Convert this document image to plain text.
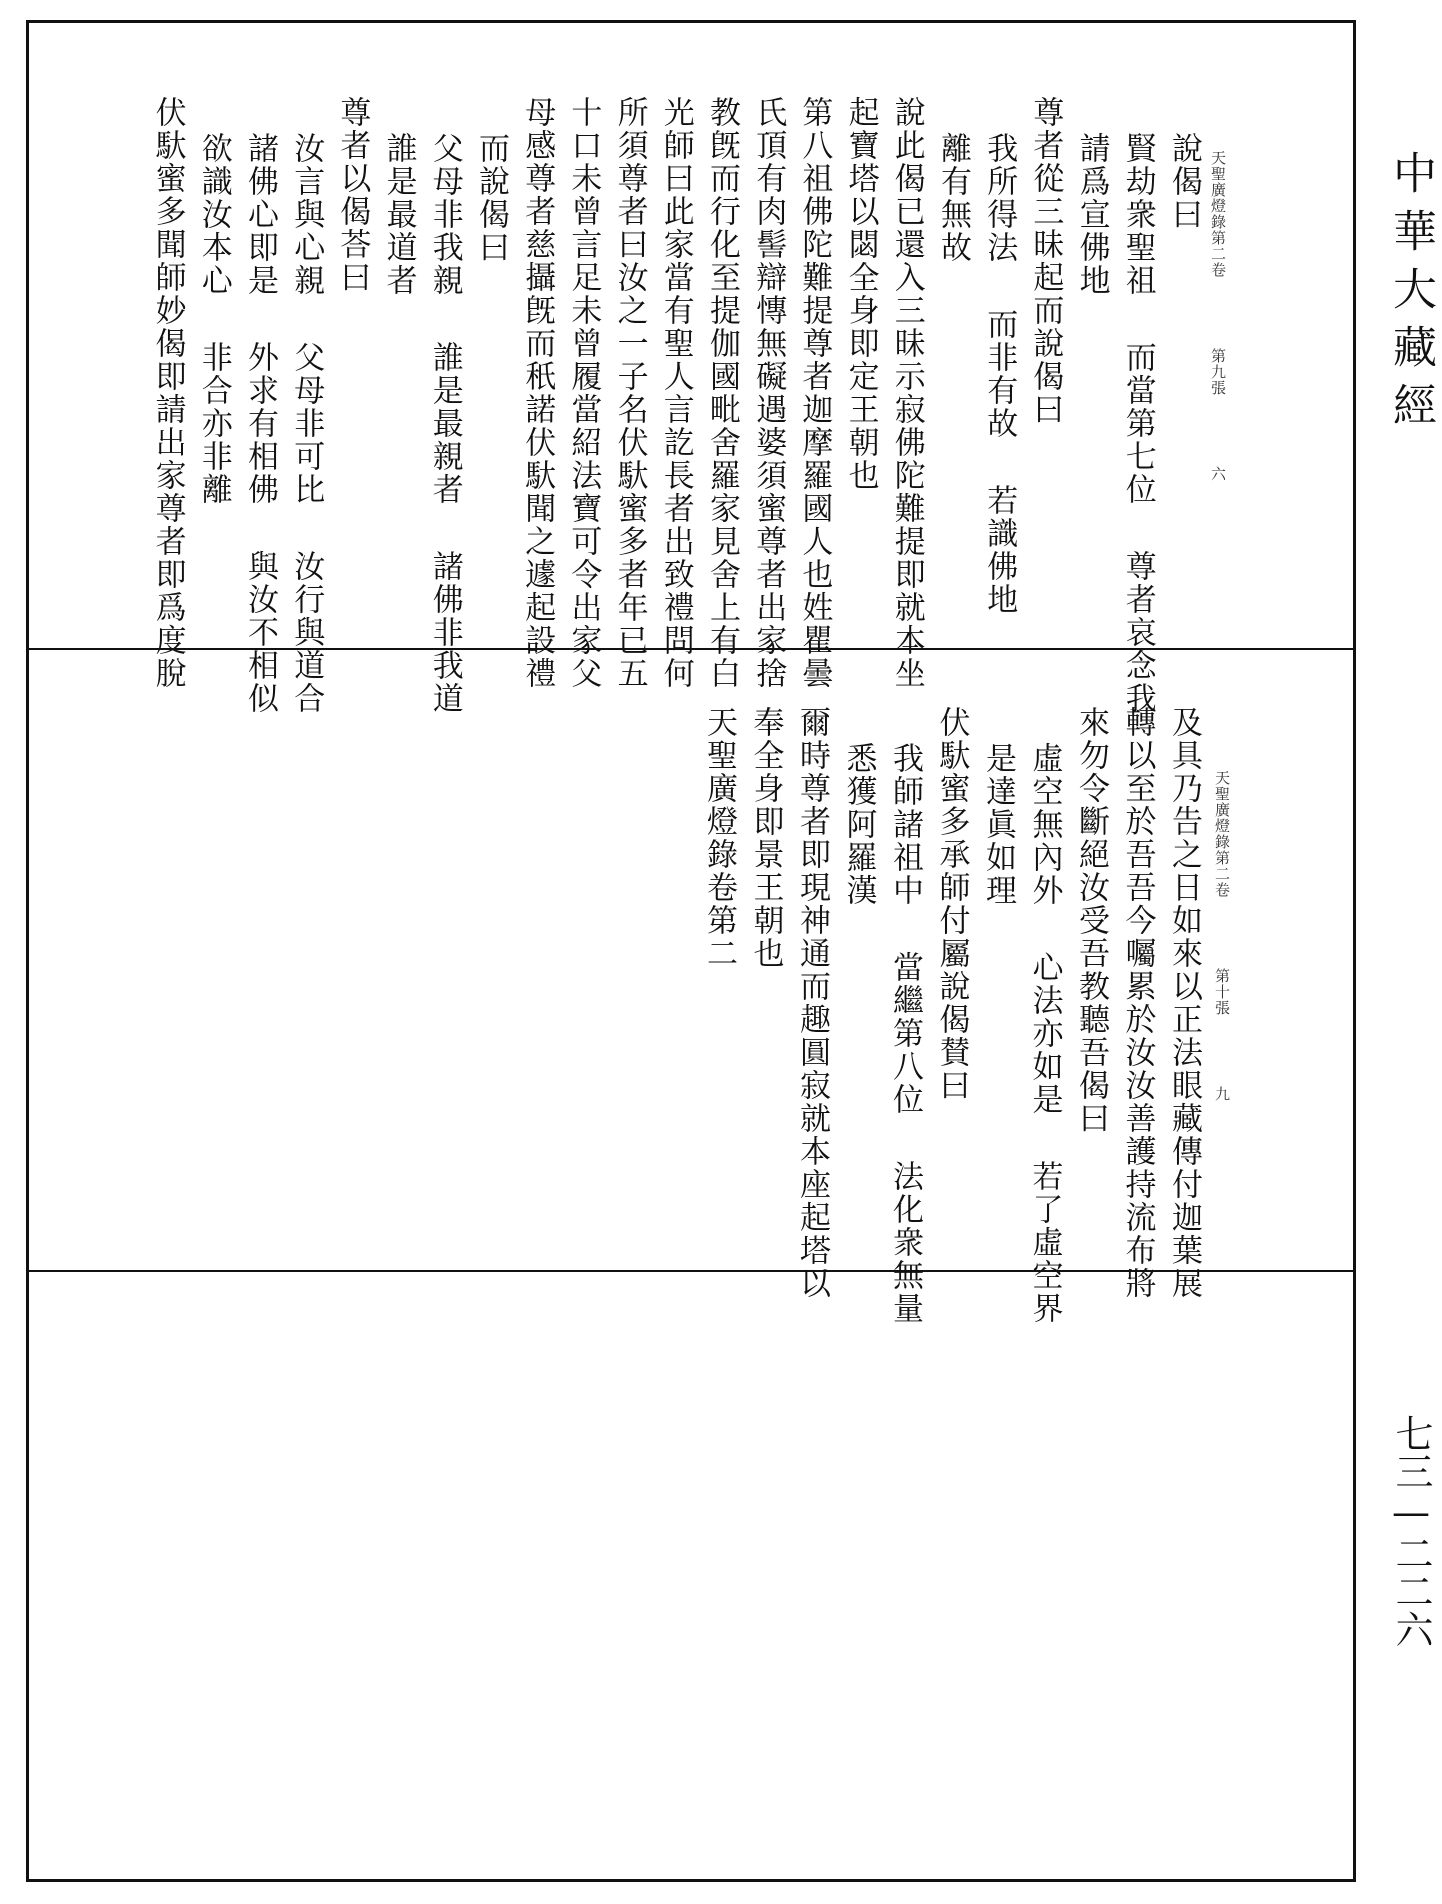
中華大藏經
七三—二二六
天聖廣燈錄第二卷第九張六
說偈曰
賢劫衆聖祖而當第七位尊者哀念我
請爲宣佛地
尊者從三昧起而說偈曰
我所得法而非有故若識佛地
離有無故
說此偈已還入三昧示寂佛陀難提即就本坐
起寶塔以閟全身即定王朝也
第八祖佛陀難提尊者迦摩羅國人也姓瞿曇
氏頂有肉髻辯慱無礙遇婆須蜜尊者出家捨
教旣而行化至提伽國毗舍羅家見舍上有白
光師曰此家當有聖人言訖長者出致禮問何
所須尊者曰汝之一子名伏馱蜜多者年已五
十口未曾言足未曾履當紹法寶可令出家父
母感尊者慈攝旣而秖諾伏馱聞之遽起設禮
而說偈曰
父母非我親誰是最親者諸佛非我道
誰是最道者
尊者以偈荅曰
汝言與心親父母非可比汝行與道合
諸佛心即是外求有相佛與汝不相似
欲識汝本心非合亦非離
伏馱蜜多聞師妙偈即請出家尊者即爲度脫
天聖廣燈錄第二卷第十張九
及具乃告之日如來以正法眼藏傳付迦葉展
轉以至於吾吾今囑累於汝汝善護持流布將
來勿令斷絕汝受吾教聽吾偈曰
虛空無內外心法亦如是若了虛空界
是達眞如理
伏馱蜜多承師付屬說偈賛曰
我師諸祖中當繼第八位法化衆無量
悉獲阿羅漢
爾時尊者即現神通而趣圓寂就本座起塔以
奉全身即景王朝也
天聖廣燈錄卷第二
